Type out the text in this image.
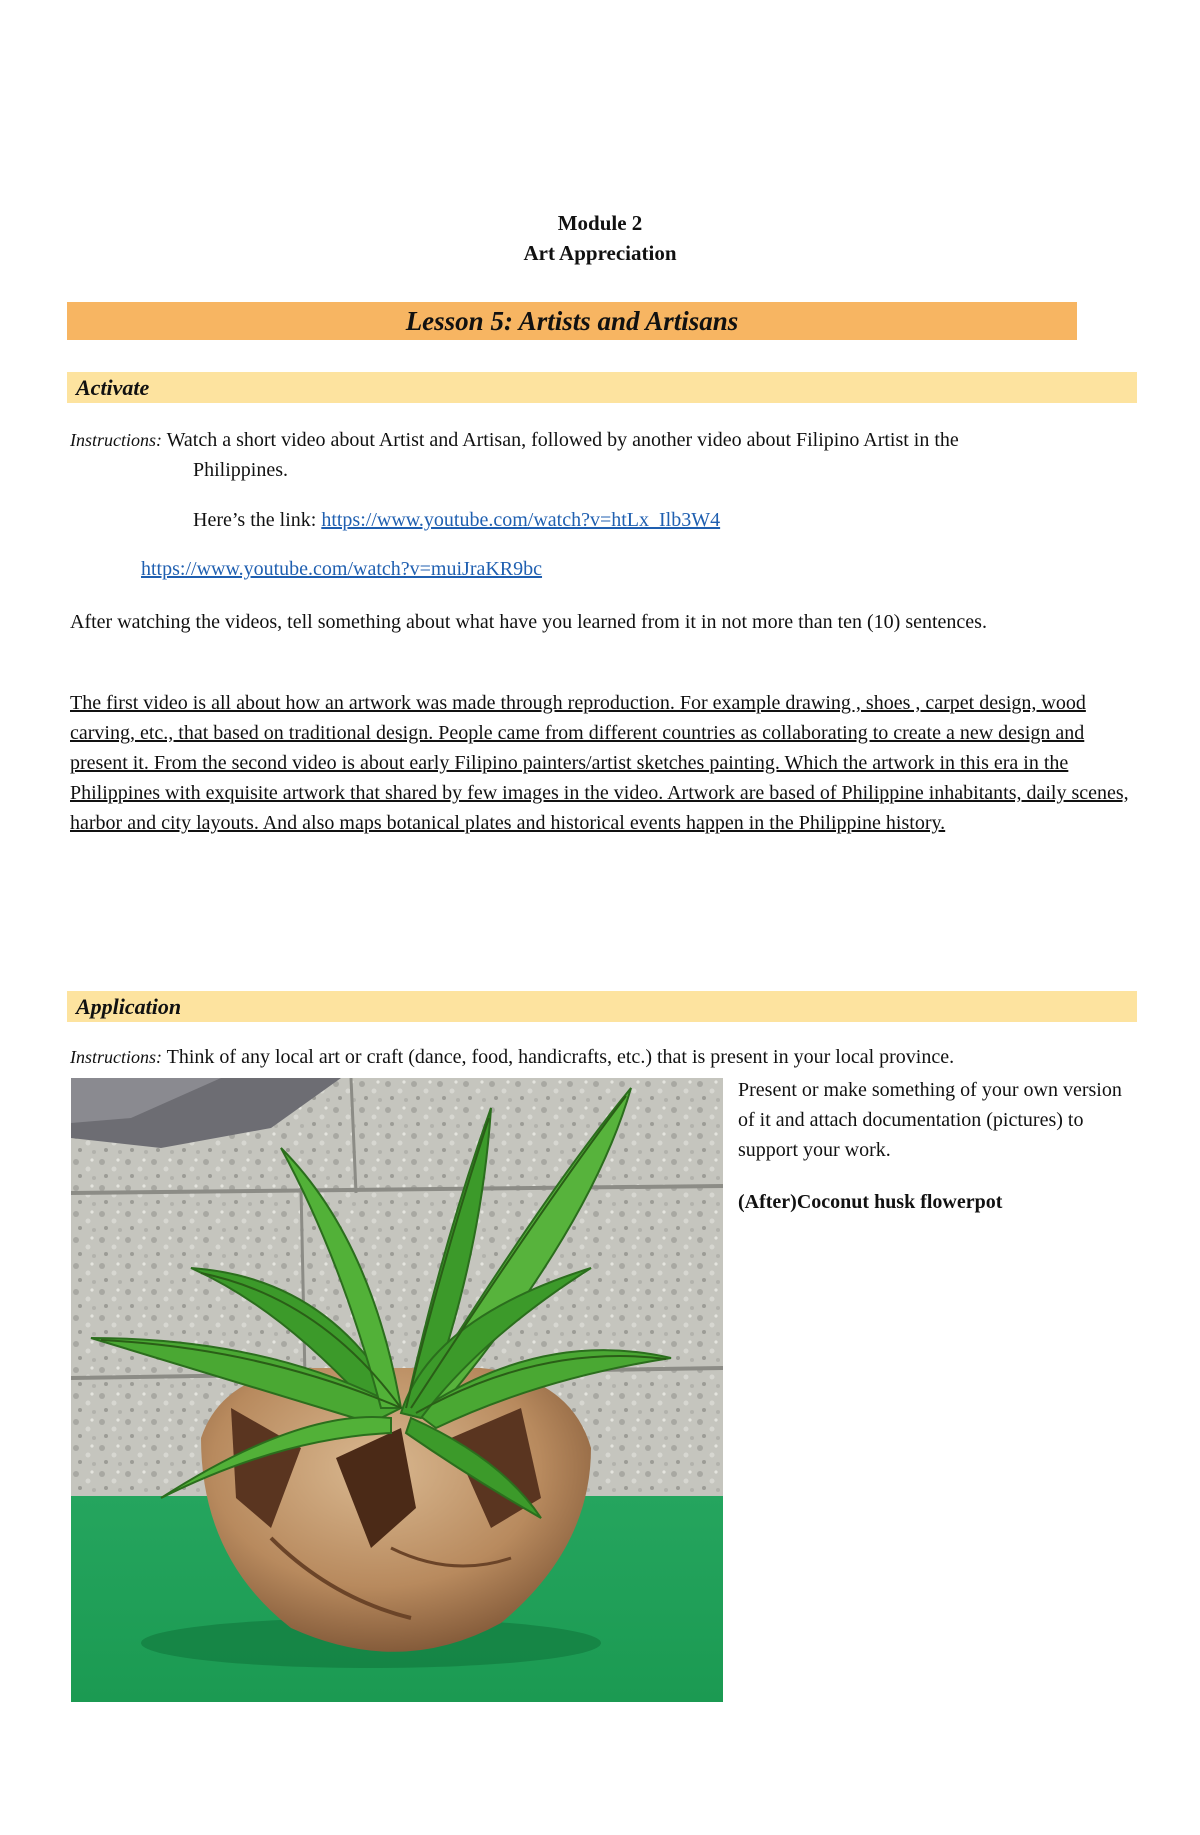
Module 2
Art Appreciation
Lesson 5: Artists and Artisans
Activate
Instructions: Watch a short video about Artist and Artisan, followed by another video about Filipino Artist in the
Philippines.
Here’s the link: https://www.youtube.com/watch?v=htLx_Ilb3W4
https://www.youtube.com/watch?v=muiJraKR9bc
After watching the videos, tell something about what have you learned from it in not more than ten (10) sentences.
The first video is all about how an artwork was made through reproduction. For example drawing , shoes , carpet design, wood carving, etc., that based on traditional design. People came from different countries as collaborating to create a new design and present it. From the second video is about early Filipino painters/artist sketches painting. Which the artwork in this era in the Philippines with exquisite artwork that shared by few images in the video. Artwork are based of Philippine inhabitants, daily scenes, harbor and city layouts. And also maps botanical plates and historical events happen in the Philippine history.
Application
Instructions: Think of any local art or craft (dance, food, handicrafts, etc.) that is present in your local province.
Present or make something of your own version of it and attach documentation (pictures) to support your work.
(After)Coconut husk flowerpot
